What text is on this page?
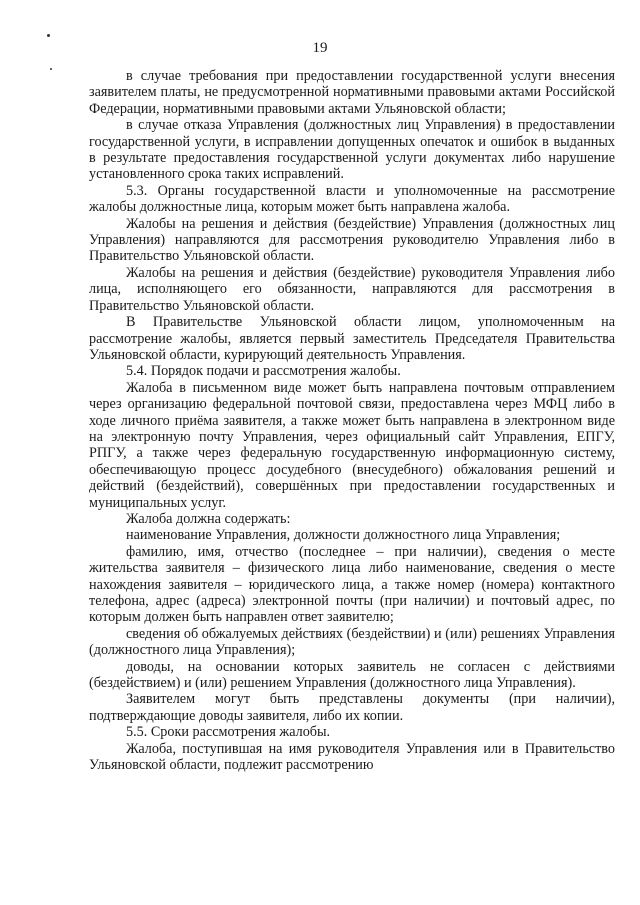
19

в случае требования при предоставлении государственной услуги внесения заявителем платы, не предусмотренной нормативными правовыми актами Российской Федерации, нормативными правовыми актами Ульяновской области;

в случае отказа Управления (должностных лиц Управления) в предоставлении государственной услуги, в исправлении допущенных опечаток и ошибок в выданных в результате предоставления государственной услуги документах либо нарушение установленного срока таких исправлений.

5.3. Органы государственной власти и уполномоченные на рассмотрение жалобы должностные лица, которым может быть направлена жалоба.

Жалобы на решения и действия (бездействие) Управления (должностных лиц Управления) направляются для рассмотрения руководителю Управления либо в Правительство Ульяновской области.

Жалобы на решения и действия (бездействие) руководителя Управления либо лица, исполняющего его обязанности, направляются для рассмотрения в Правительство Ульяновской области.

В Правительстве Ульяновской области лицом, уполномоченным на рассмотрение жалобы, является первый заместитель Председателя Правительства Ульяновской области, курирующий деятельность Управления.

5.4. Порядок подачи и рассмотрения жалобы.

Жалоба в письменном виде может быть направлена почтовым отправлением через организацию федеральной почтовой связи, предоставлена через МФЦ либо в ходе личного приёма заявителя, а также может быть направлена в электронном виде на электронную почту Управления, через официальный сайт Управления, ЕПГУ, РПГУ, а также через федеральную государственную информационную систему, обеспечивающую процесс досудебного (внесудебного) обжалования решений и действий (бездействий), совершённых при предоставлении государственных и муниципальных услуг.

Жалоба должна содержать:

наименование Управления, должности должностного лица Управления;

фамилию, имя, отчество (последнее – при наличии), сведения о месте жительства заявителя – физического лица либо наименование, сведения о месте нахождения заявителя – юридического лица, а также номер (номера) контактного телефона, адрес (адреса) электронной почты (при наличии) и почтовый адрес, по которым должен быть направлен ответ заявителю;

сведения об обжалуемых действиях (бездействии) и (или) решениях Управления (должностного лица Управления);

доводы, на основании которых заявитель не согласен с действиями (бездействием) и (или) решением Управления (должностного лица Управления).

Заявителем могут быть представлены документы (при наличии), подтверждающие доводы заявителя, либо их копии.

5.5. Сроки рассмотрения жалобы.

Жалоба, поступившая на имя руководителя Управления или в Правительство Ульяновской области, подлежит рассмотрению
